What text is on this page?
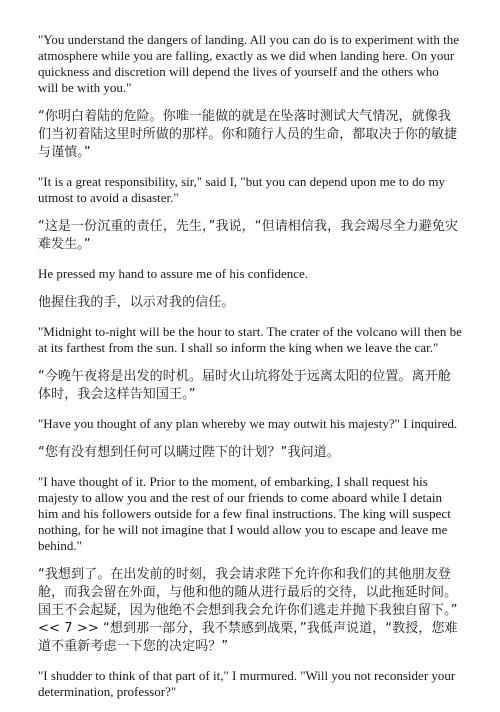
"You understand the dangers of landing. All you can do is to experiment with the atmosphere while you are falling, exactly as we did when landing here. On your quickness and discretion will depend the lives of yourself and the others who will be with you."

“你明白着陆的危险。你唯一能做的就是在坠落时测试大气情况，就像我们当初着陆这里时所做的那样。你和随行人员的生命，都取决于你的敏捷与谨慎。”

"It is a great responsibility, sir," said I, "but you can depend upon me to do my utmost to avoid a disaster."

“这是一份沉重的责任，先生，”我说，“但请相信我，我会竭尽全力避免灾难发生。”

He pressed my hand to assure me of his confidence.

他握住我的手，以示对我的信任。

"Midnight to-night will be the hour to start. The crater of the volcano will then be at its farthest from the sun. I shall so inform the king when we leave the car."

“今晚午夜将是出发的时机。届时火山坑将处于远离太阳的位置。离开舱体时，我会这样告知国王。”

"Have you thought of any plan whereby we may outwit his majesty?" I inquired.

“您有没有想到任何可以瞒过陛下的计划？”我问道。

"I have thought of it. Prior to the moment, of embarking, I shall request his majesty to allow you and the rest of our friends to come aboard while I detain him and his followers outside for a few final instructions. The king will suspect nothing, for he will not imagine that I would allow you to escape and leave me behind."

“我想到了。在出发前的时刻，我会请求陛下允许你和我们的其他朋友登舱，而我会留在外面，与他和他的随从进行最后的交待，以此拖延时间。国王不会起疑，因为他绝不会想到我会允许你们逃走并抛下我独自留下。” << 7 >> “想到那一部分，我不禁感到战栗，”我低声说道，“教授，您难道不重新考虑一下您的决定吗？”

"I shudder to think of that part of it," I murmured. "Will you not reconsider your determination, professor?"
